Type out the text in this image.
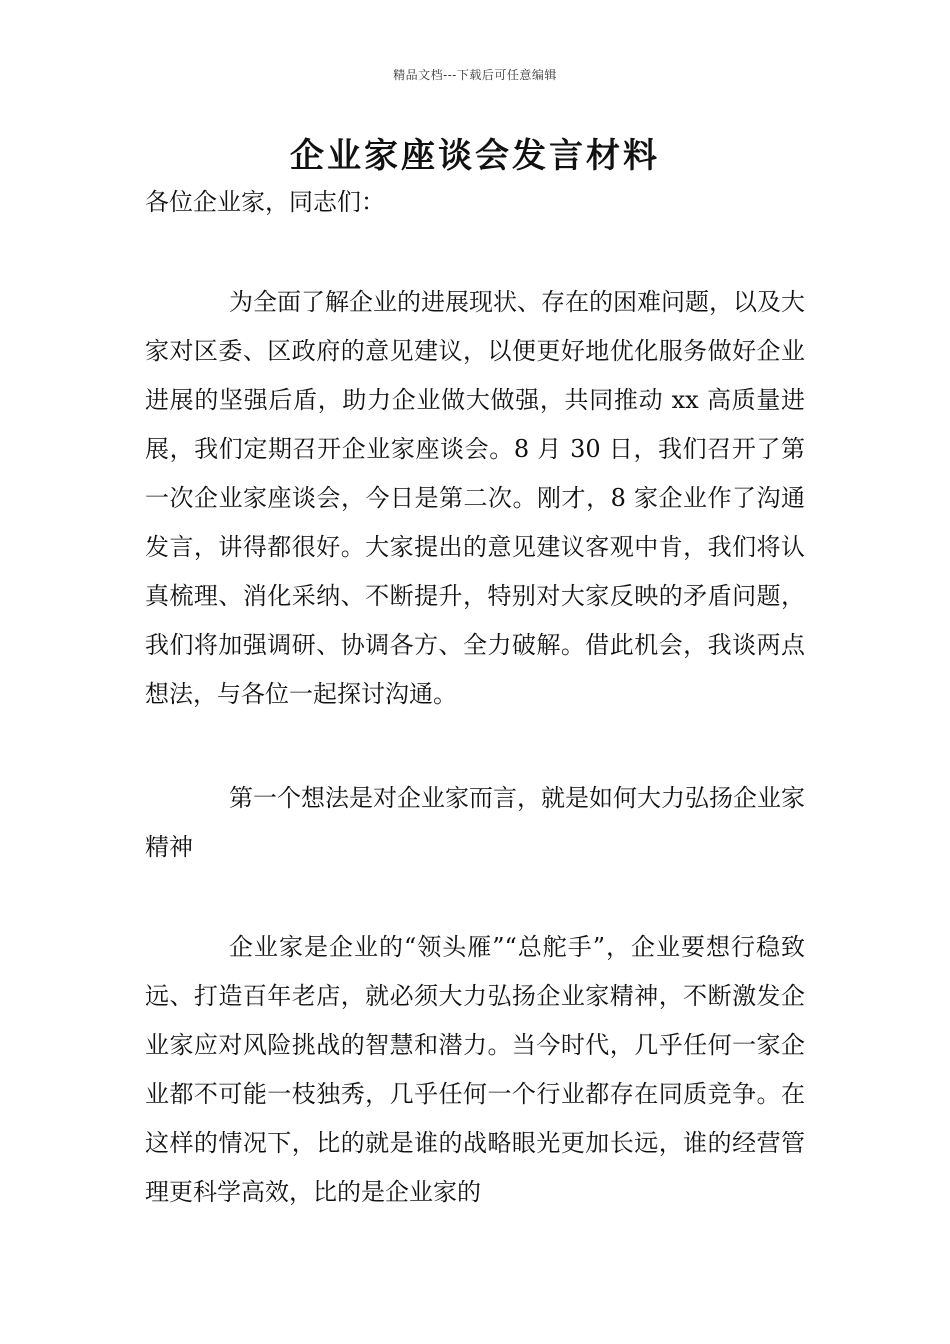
精品文档---下载后可任意编辑
企业家座谈会发言材料

各位企业家，同志们：

为全面了解企业的进展现状、存在的困难问题，以及大家对区委、区政府的意见建议，以便更好地优化服务做好企业进展的坚强后盾，助力企业做大做强，共同推动 xx 高质量进展，我们定期召开企业家座谈会。8 月 30 日，我们召开了第一次企业家座谈会，今日是第二次。刚才，8 家企业作了沟通发言，讲得都很好。大家提出的意见建议客观中肯，我们将认真梳理、消化采纳、不断提升，特别对大家反映的矛盾问题，我们将加强调研、协调各方、全力破解。借此机会，我谈两点想法，与各位一起探讨沟通。

第一个想法是对企业家而言，就是如何大力弘扬企业家精神

企业家是企业的“领头雁”“总舵手”，企业要想行稳致远、打造百年老店，就必须大力弘扬企业家精神，不断激发企业家应对风险挑战的智慧和潜力。当今时代，几乎任何一家企业都不可能一枝独秀，几乎任何一个行业都存在同质竞争。在这样的情况下，比的就是谁的战略眼光更加长远，谁的经营管理更科学高效，比的是企业家的
